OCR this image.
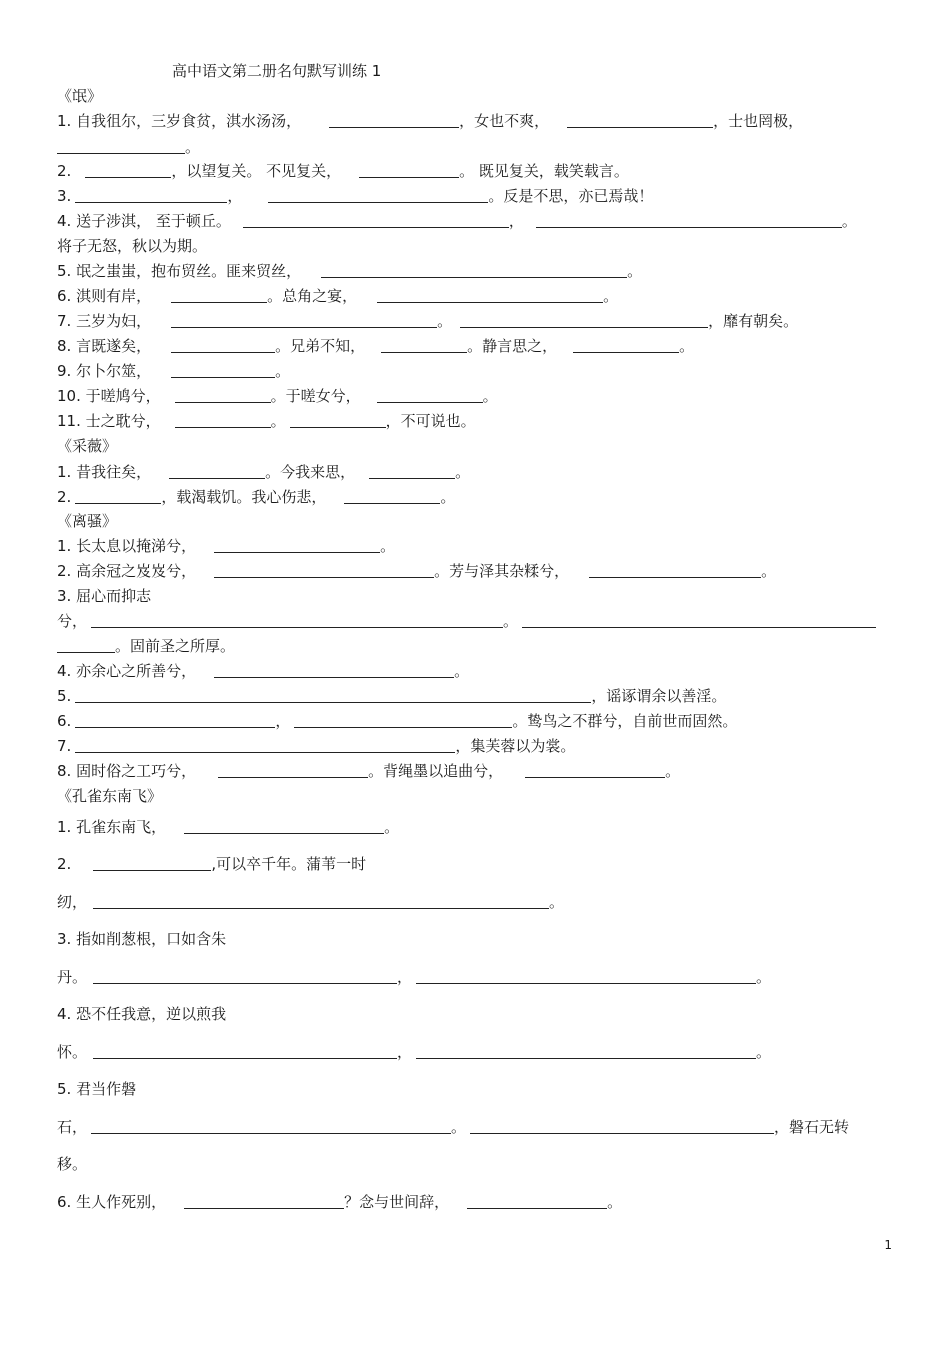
高中语文第二册名句默写训练 1
《氓》
1. 自我徂尔，三岁食贫，淇水汤汤，	，女也不爽，	，士也罔极，
。
2.	，以望复关。 不见复关，	。 既见复关，载笑载言。
3.	，	。反是不思，亦已焉哉！
4. 送子涉淇， 至于顿丘。	，	。
将子无怒，秋以为期。
5. 氓之蚩蚩，抱布贸丝。匪来贸丝，	。
6. 淇则有岸，	。总角之宴，	。
7. 三岁为妇，	。	，靡有朝矣。
8. 言既遂矣，	。兄弟不知，	。静言思之，	。
9. 尔卜尔筮，	。
10. 于嗟鸠兮，	。于嗟女兮，	。
11. 士之耽兮，	。	，不可说也。
《采薇》
1. 昔我往矣，	。今我来思，	。
2.	，载渴载饥。我心伤悲，	。
《离骚》
1. 长太息以掩涕兮，	。
2. 高余冠之岌岌兮，	。芳与泽其杂糅兮，	。
3. 屈心而抑志
兮，	。
。固前圣之所厚。
4. 亦余心之所善兮，	。
5.	，谣诼谓余以善淫。
6.	，	。鸷鸟之不群兮，自前世而固然。
7.	，集芙蓉以为裳。
8. 固时俗之工巧兮，	。背绳墨以追曲兮，	。
《孔雀东南飞》
1. 孔雀东南飞，	。
2.	,可以卒千年。蒲苇一时
纫，	。
3. 指如削葱根，口如含朱
丹。	，	。
4. 恐不任我意，逆以煎我
怀。	，	。
5. 君当作磐
石，	。	，磐石无转
移。
6. 生人作死别，	？念与世间辞，	。
1
